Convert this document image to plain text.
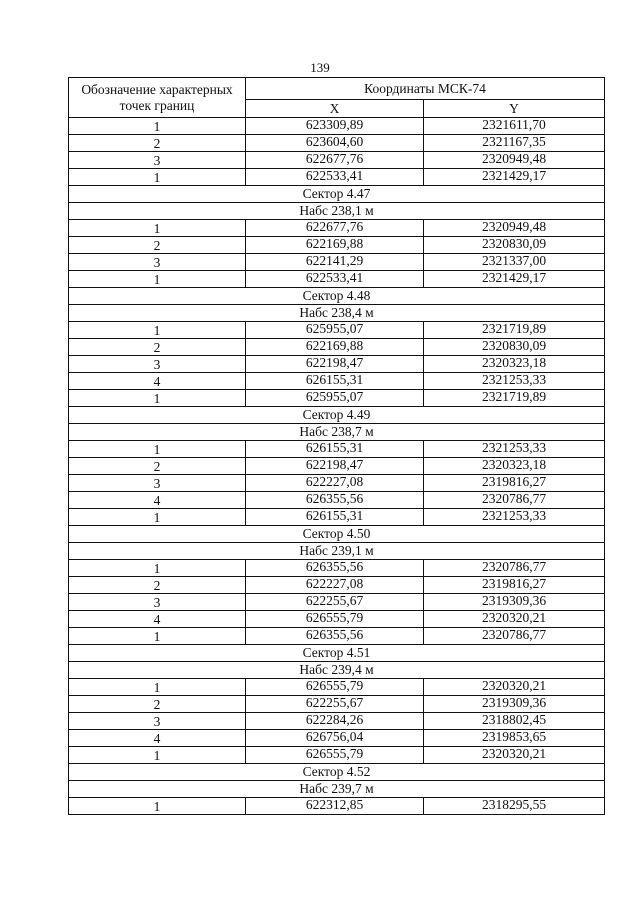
139
Обозначение характерных точек границ	Координаты МСК-74	
	X	Y
1	623309,89	2321611,70
2	623604,60	2321167,35
3	622677,76	2320949,48
1	622533,41	2321429,17
Сектор 4.47		
Набс 238,1 м		
1	622677,76	2320949,48
2	622169,88	2320830,09
3	622141,29	2321337,00
1	622533,41	2321429,17
Сектор 4.48		
Набс 238,4 м		
1	625955,07	2321719,89
2	622169,88	2320830,09
3	622198,47	2320323,18
4	626155,31	2321253,33
1	625955,07	2321719,89
Сектор 4.49		
Набс 238,7 м		
1	626155,31	2321253,33
2	622198,47	2320323,18
3	622227,08	2319816,27
4	626355,56	2320786,77
1	626155,31	2321253,33
Сектор 4.50		
Набс 239,1 м		
1	626355,56	2320786,77
2	622227,08	2319816,27
3	622255,67	2319309,36
4	626555,79	2320320,21
1	626355,56	2320786,77
Сектор 4.51		
Набс 239,4 м		
1	626555,79	2320320,21
2	622255,67	2319309,36
3	622284,26	2318802,45
4	626756,04	2319853,65
1	626555,79	2320320,21
Сектор 4.52		
Набс 239,7 м		
1	622312,85	2318295,55
